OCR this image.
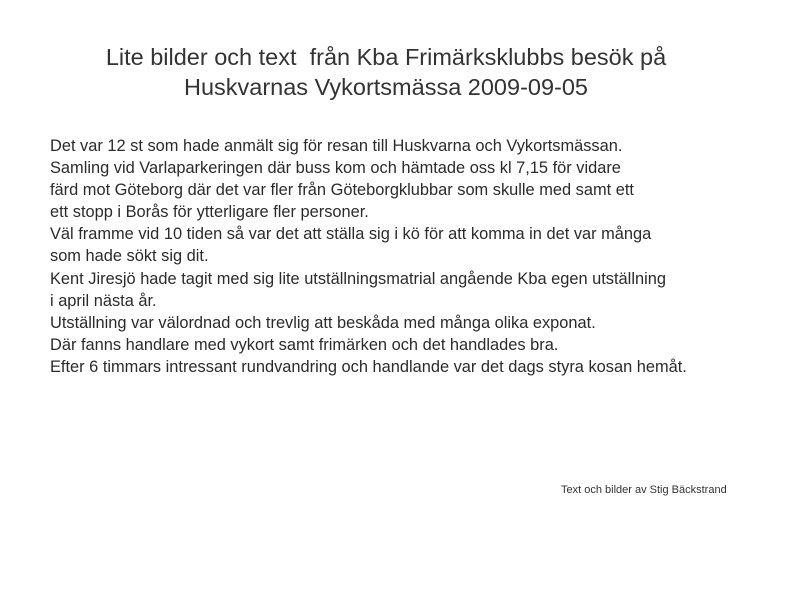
Lite bilder och text  från Kba Frimärksklubbs besök på
Huskvarnas Vykortsmässa 2009-09-05
Det var 12 st som hade anmält sig för resan till Huskvarna och Vykortsmässan.
Samling vid Varlaparkeringen där buss kom och hämtade oss kl 7,15 för vidare
färd mot Göteborg där det var fler från Göteborgklubbar som skulle med samt ett
ett stopp i Borås för ytterligare fler personer.
Väl framme vid 10 tiden så var det att ställa sig i kö för att komma in det var många
som hade sökt sig dit.
Kent Jiresjö hade tagit med sig lite utställningsmatrial angående Kba egen utställning
i april nästa år.
Utställning var välordnad och trevlig att beskåda med många olika exponat.
Där fanns handlare med vykort samt frimärken och det handlades bra.
Efter 6 timmars intressant rundvandring och handlande var det dags styra kosan hemåt.
Text och bilder av Stig Bäckstrand
